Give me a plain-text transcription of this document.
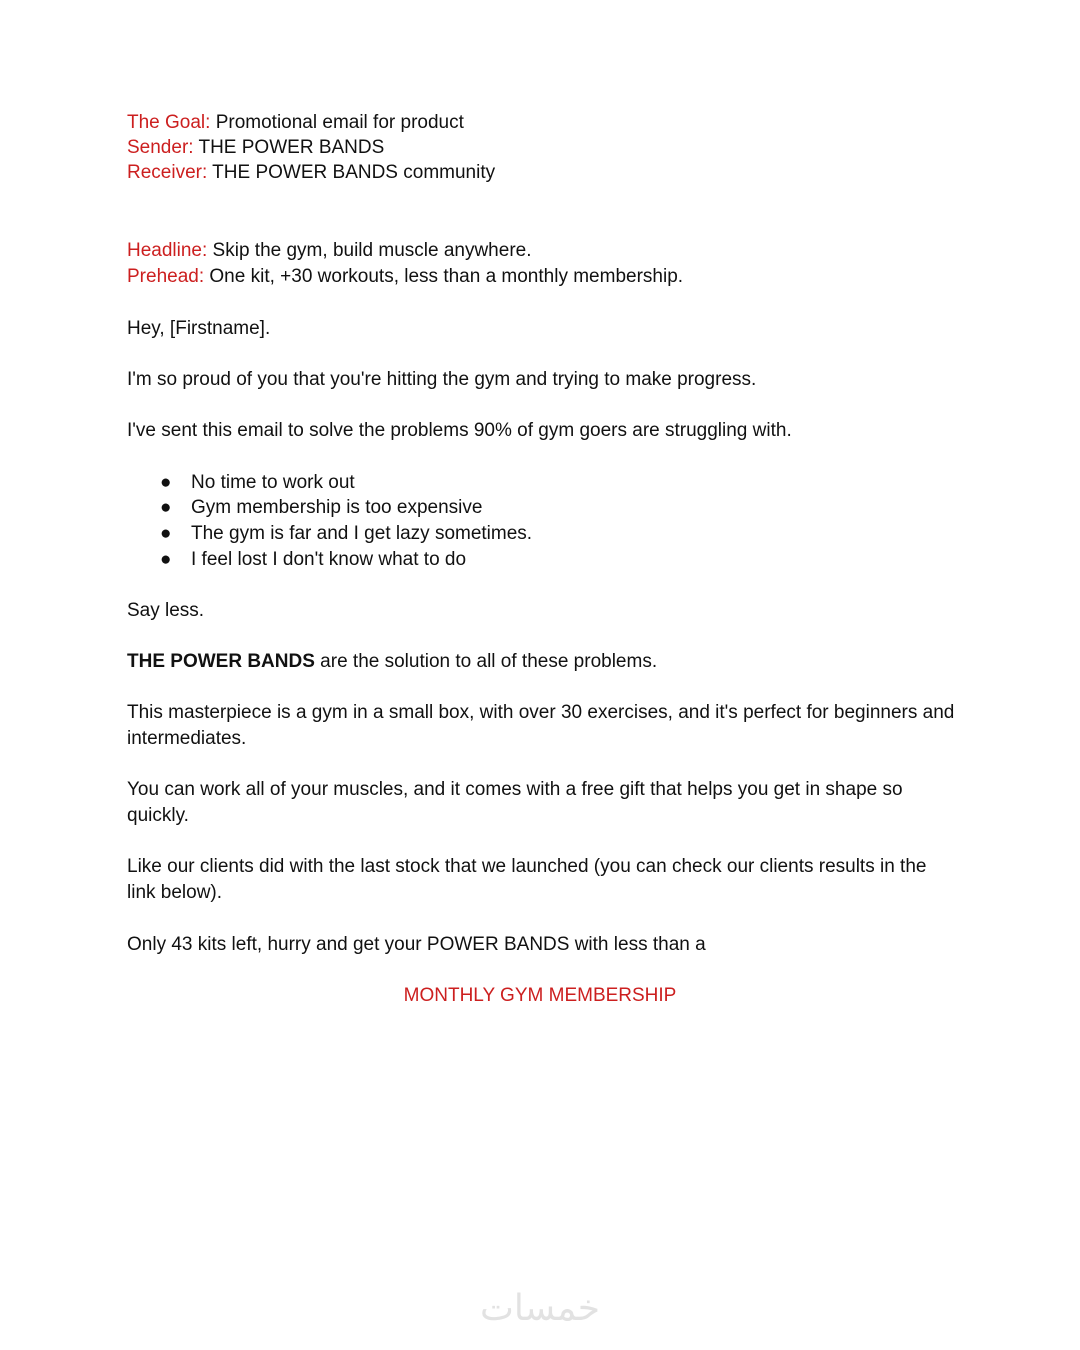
The Goal: Promotional email for product
Sender: THE POWER BANDS
Receiver: THE POWER BANDS community
Headline: Skip the gym, build muscle anywhere.
Prehead: One kit, +30 workouts, less than a monthly membership.
Hey, [Firstname].
I'm so proud of you that you're hitting the gym and trying to make progress.
I've sent this email to solve the problems 90% of gym goers are struggling with.
● No time to work out
● Gym membership is too expensive
● The gym is far and I get lazy sometimes.
● I feel lost I don't know what to do
Say less.
THE POWER BANDS are the solution to all of these problems.
This masterpiece is a gym in a small box, with over 30 exercises, and it's perfect for beginners and intermediates.
You can work all of your muscles, and it comes with a free gift that helps you get in shape so quickly.
Like our clients did with the last stock that we launched (you can check our clients results in the link below).
Only 43 kits left, hurry and get your POWER BANDS with less than a
MONTHLY GYM MEMBERSHIP
خمسات
